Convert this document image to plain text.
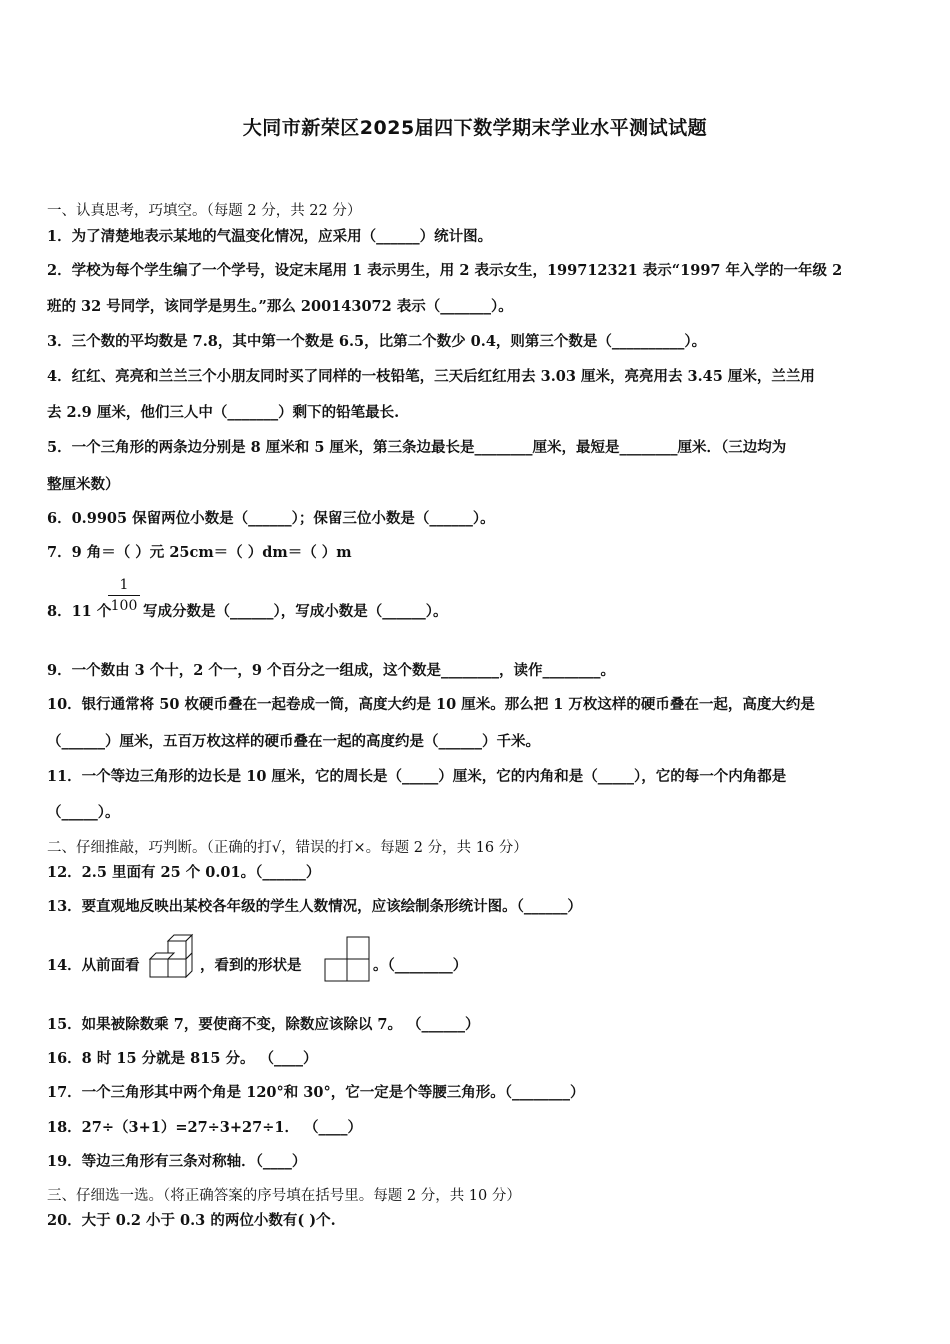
大同市新荣区2025届四下数学期末学业水平测试试题
一、认真思考，巧填空。（每题 2 分，共 22 分）
1．为了清楚地表示某地的气温变化情况，应采用（______）统计图。
2．学校为每个学生编了一个学号，设定末尾用 1 表示男生，用 2 表示女生，199712321 表示“1997 年入学的一年级 2
班的 32 号同学，该同学是男生。”那么 200143072 表示（_______）。
3．三个数的平均数是 7.8，其中第一个数是 6.5，比第二个数少 0.4，则第三个数是（__________）。
4．红红、亮亮和兰兰三个小朋友同时买了同样的一枝铅笔，三天后红红用去 3.03 厘米，亮亮用去 3.45 厘米，兰兰用
去 2.9 厘米，他们三人中（_______）剩下的铅笔最长.
5．一个三角形的两条边分别是 8 厘米和 5 厘米，第三条边最长是________厘米，最短是________厘米．（三边均为
整厘米数）
6．0.9905 保留两位小数是（______）；保留三位小数是（______）。
7．9 角＝（ ）元 25cm＝（ ）dm＝（ ）m
8．11 个
1
100 写成分数是（______），写成小数是（______）。
9．一个数由 3 个十，2 个一，9 个百分之一组成，这个数是________，读作________。
10．银行通常将 50 枚硬币叠在一起卷成一筒，高度大约是 10 厘米。那么把 1 万枚这样的硬币叠在一起，高度大约是
（______）厘米，五百万枚这样的硬币叠在一起的高度约是（______）千米。
11．一个等边三角形的边长是 10 厘米，它的周长是（_____）厘米，它的内角和是（_____），它的每一个内角都是
（_____）。
二、仔细推敲，巧判断。（正确的打√，错误的打×。每题 2 分，共 16 分）
12．2.5 里面有 25 个 0.01。（______）
13．要直观地反映出某校各年级的学生人数情况，应该绘制条形统计图。（______）
14．从前面看	，看到的形状是	。（________）
15．如果被除数乘 7，要使商不变，除数应该除以 7。 （______）
16．8 时 15 分就是 815 分。 （____）
17．一个三角形其中两个角是 120°和 30°，它一定是个等腰三角形。（________）
18．27÷（3+1）=27÷3+27÷1． （____）
19．等边三角形有三条对称轴．（____）
三、仔细选一选。（将正确答案的序号填在括号里。每题 2 分，共 10 分）
20．大于 0.2 小于 0.3 的两位小数有( )个.
